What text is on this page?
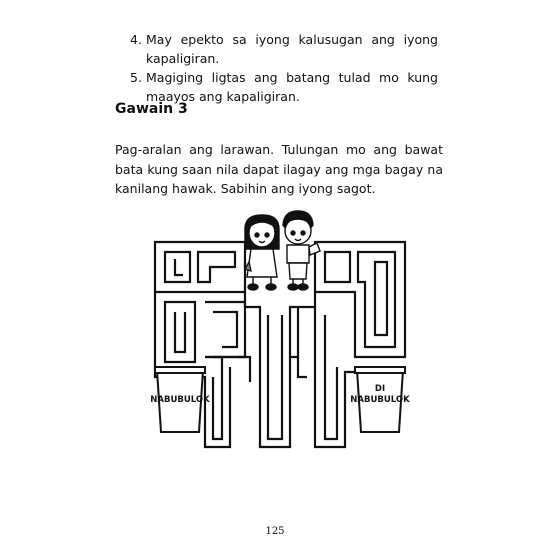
4. May epekto sa iyong kalusugan ang iyong kapaligiran.
5. Magiging ligtas ang batang tulad mo kung maayos ang kapaligiran.
Gawain 3

Pag-aralan ang larawan. Tulungan mo ang bawat bata kung saan nila dapat ilagay ang mga bagay na kanilang hawak. Sabihin ang iyong sagot.

NABUBULOK
DI
NABUBULOK
125
